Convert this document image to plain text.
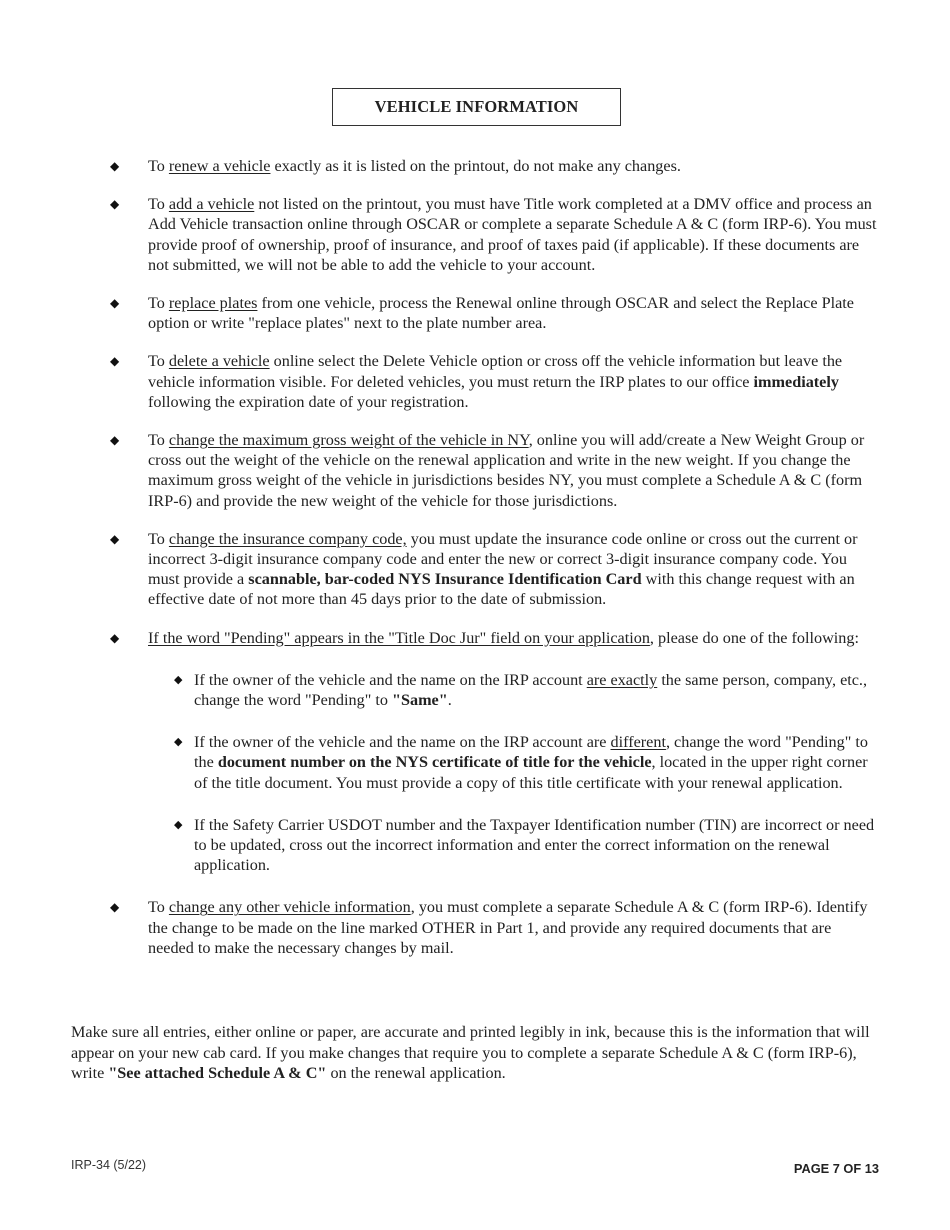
VEHICLE INFORMATION
◆	To renew a vehicle exactly as it is listed on the printout, do not make any changes.
◆	To add a vehicle not listed on the printout, you must have Title work completed at a DMV office and process an Add Vehicle transaction online through OSCAR or complete a separate Schedule A & C (form IRP-6). You must provide proof of ownership, proof of insurance, and proof of taxes paid (if applicable). If these documents are not submitted, we will not be able to add the vehicle to your account.
◆	To replace plates from one vehicle, process the Renewal online through OSCAR and select the Replace Plate option or write "replace plates" next to the plate number area.
◆	To delete a vehicle online select the Delete Vehicle option or cross off the vehicle information but leave the vehicle information visible. For deleted vehicles, you must return the IRP plates to our office immediately following the expiration date of your registration.
◆	To change the maximum gross weight of the vehicle in NY, online you will add/create a New Weight Group or cross out the weight of the vehicle on the renewal application and write in the new weight. If you change the maximum gross weight of the vehicle in jurisdictions besides NY, you must complete a Schedule A & C (form IRP-6) and provide the new weight of the vehicle for those jurisdictions.
◆	To change the insurance company code, you must update the insurance code online or cross out the current or incorrect 3-digit insurance company code and enter the new or correct 3-digit insurance company code. You must provide a scannable, bar-coded NYS Insurance Identification Card with this change request with an effective date of not more than 45 days prior to the date of submission.
◆	If the word "Pending" appears in the "Title Doc Jur" field on your application, please do one of the following:
◆ If the owner of the vehicle and the name on the IRP account are exactly the same person, company, etc., change the word "Pending" to "Same".
◆ If the owner of the vehicle and the name on the IRP account are different, change the word "Pending" to the document number on the NYS certificate of title for the vehicle, located in the upper right corner of the title document. You must provide a copy of this title certificate with your renewal application.
◆ If the Safety Carrier USDOT number and the Taxpayer Identification number (TIN) are incorrect or need to be updated, cross out the incorrect information and enter the correct information on the renewal application.
◆	To change any other vehicle information, you must complete a separate Schedule A & C (form IRP-6). Identify the change to be made on the line marked OTHER in Part 1, and provide any required documents that are needed to make the necessary changes by mail.
Make sure all entries, either online or paper, are accurate and printed legibly in ink, because this is the information that will appear on your new cab card. If you make changes that require you to complete a separate Schedule A & C (form IRP-6), write "See attached Schedule A & C" on the renewal application.
IRP-34 (5/22)	PAGE 7 OF 13
